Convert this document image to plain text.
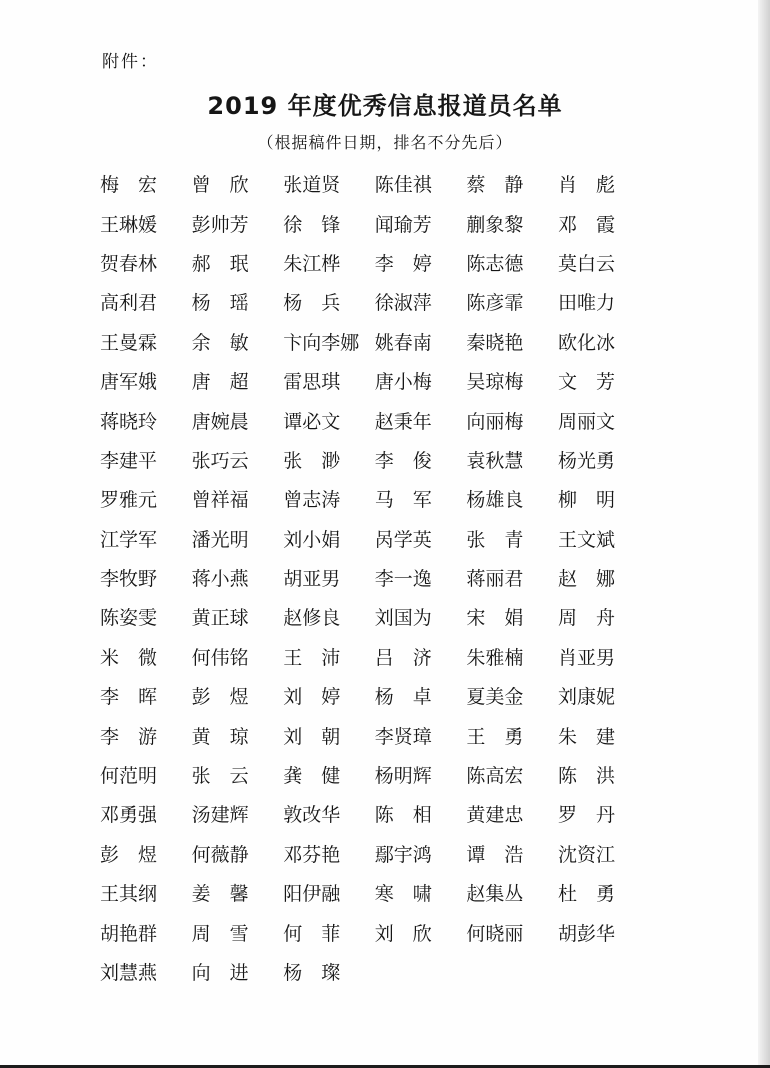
附件：
2019 年度优秀信息报道员名单
（根据稿件日期，排名不分先后）
梅　宏	曾　欣	张道贤	陈佳祺	蔡　静	肖　彪
王琳媛	彭帅芳	徐　锋	闻瑜芳	蒯象黎	邓　霞
贺春林	郝　珉	朱江桦	李　婷	陈志德	莫白云
高利君	杨　瑶	杨　兵	徐淑萍	陈彦霏	田唯力
王曼霖	余　敏	卞向李娜 姚春南	秦晓艳	欧化冰
唐军娥	唐　超	雷思琪	唐小梅	吴琼梅	文　芳
蒋晓玲	唐婉晨	谭必文	赵秉年	向丽梅	周丽文
李建平	张巧云	张　渺	李　俊	袁秋慧	杨光勇
罗雅元	曾祥福	曾志涛	马　军	杨雄良	柳　明
江学军	潘光明	刘小娟	呙学英	张　青	王文斌
李牧野	蒋小燕	胡亚男	李一逸	蒋丽君	赵　娜
陈姿雯	黄正球	赵修良	刘国为	宋　娟	周　舟
米　微	何伟铭	王　沛	吕　济	朱雅楠	肖亚男
李　晖	彭　煜	刘　婷	杨　卓	夏美金	刘康妮
李　游	黄　琼	刘　朝	李贤璋	王　勇	朱　建
何范明	张　云	龚　健	杨明辉	陈高宏	陈　洪
邓勇强	汤建辉	敦改华	陈　相	黄建忠	罗　丹
彭　煜	何薇静	邓芬艳	鄢宇鸿	谭　浩	沈资江
王其纲	姜　馨	阳伊融	寒　啸	赵集丛	杜　勇
胡艳群	周　雪	何　菲	刘　欣	何晓丽	胡彭华
刘慧燕	向　进	杨　璨
